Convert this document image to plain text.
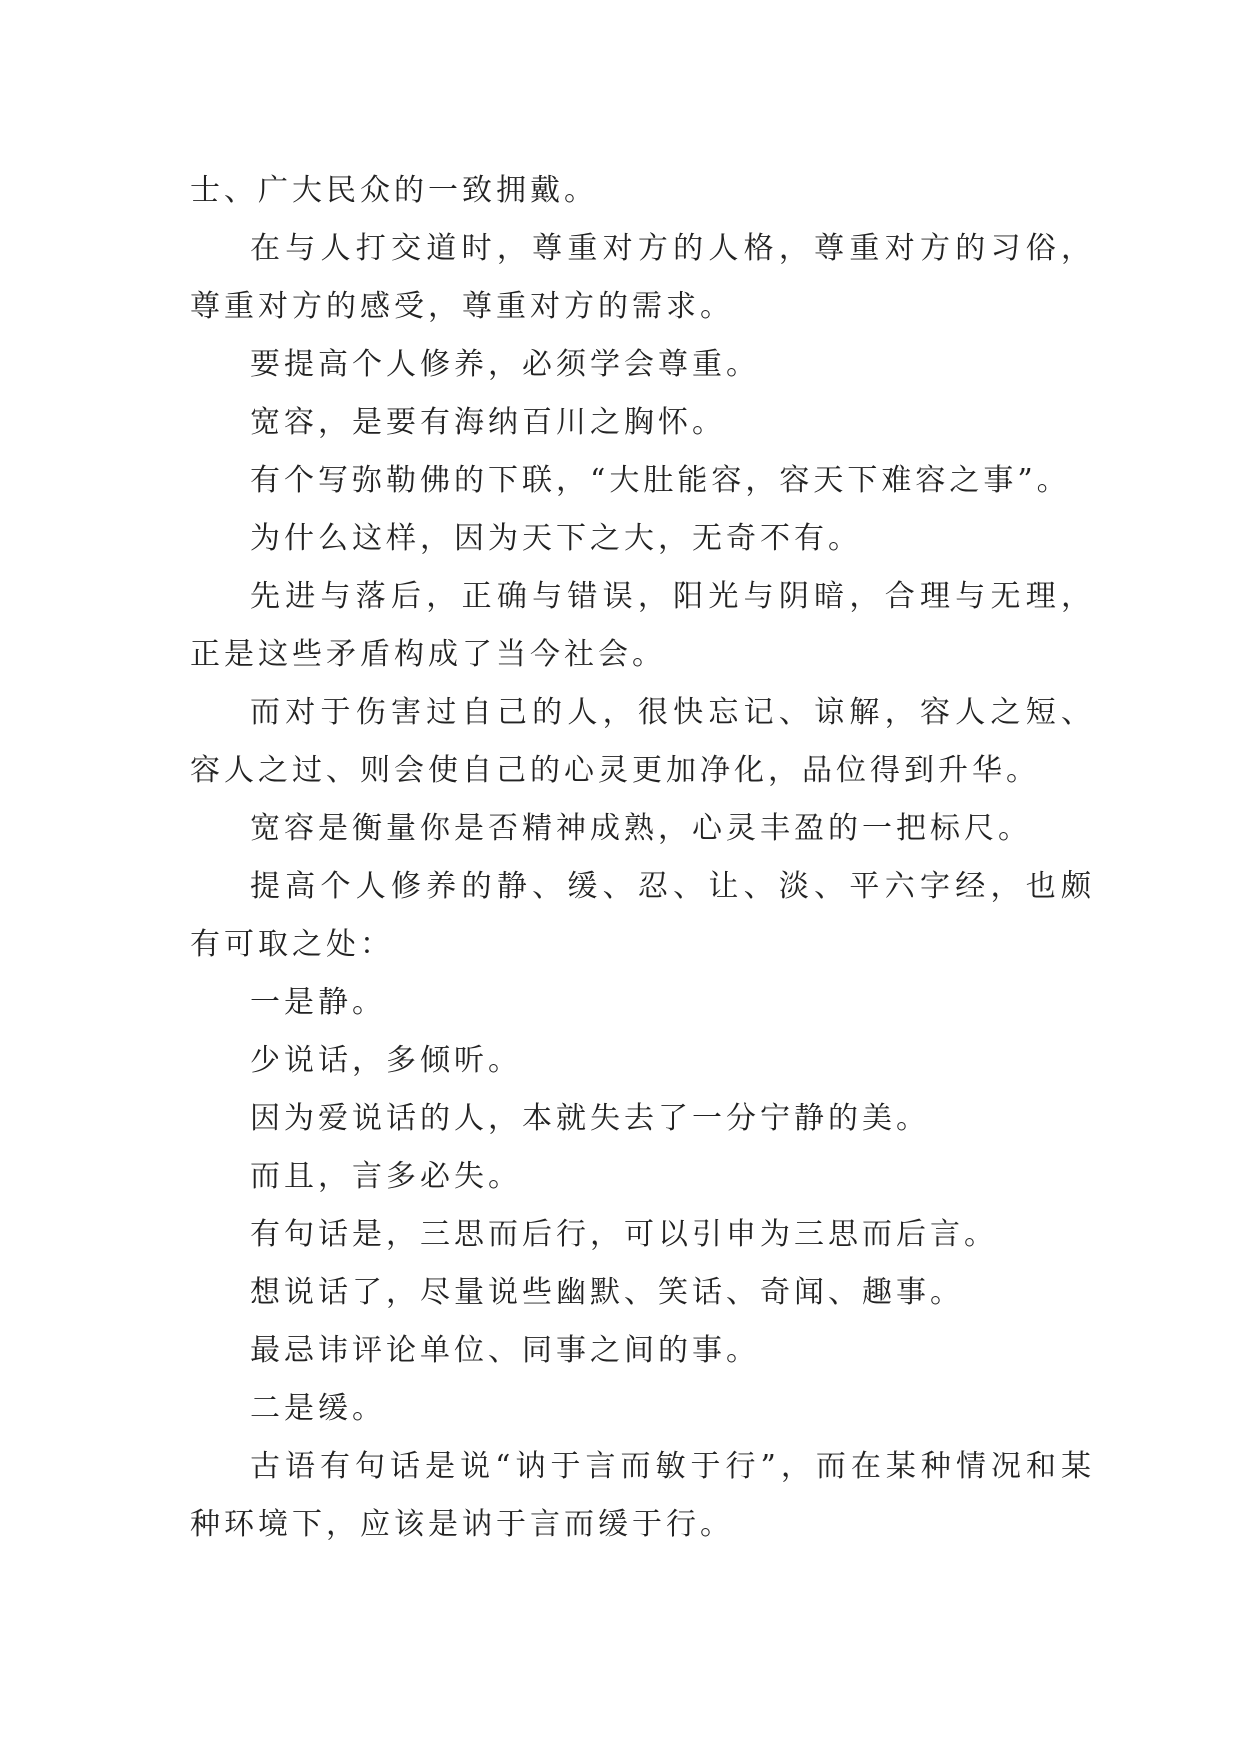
士、广大民众的一致拥戴。

在与人打交道时，尊重对方的人格，尊重对方的习俗，尊重对方的感受，尊重对方的需求。

要提高个人修养，必须学会尊重。

宽容，是要有海纳百川之胸怀。

有个写弥勒佛的下联，“大肚能容，容天下难容之事”。

为什么这样，因为天下之大，无奇不有。

先进与落后，正确与错误，阳光与阴暗，合理与无理，正是这些矛盾构成了当今社会。

而对于伤害过自己的人，很快忘记、谅解，容人之短、容人之过、则会使自己的心灵更加净化，品位得到升华。

宽容是衡量你是否精神成熟，心灵丰盈的一把标尺。

提高个人修养的静、缓、忍、让、淡、平六字经，也颇有可取之处：

一是静。

少说话，多倾听。

因为爱说话的人，本就失去了一分宁静的美。

而且，言多必失。

有句话是，三思而后行，可以引申为三思而后言。

想说话了，尽量说些幽默、笑话、奇闻、趣事。

最忌讳评论单位、同事之间的事。

二是缓。

古语有句话是说“讷于言而敏于行”，而在某种情况和某种环境下，应该是讷于言而缓于行。
